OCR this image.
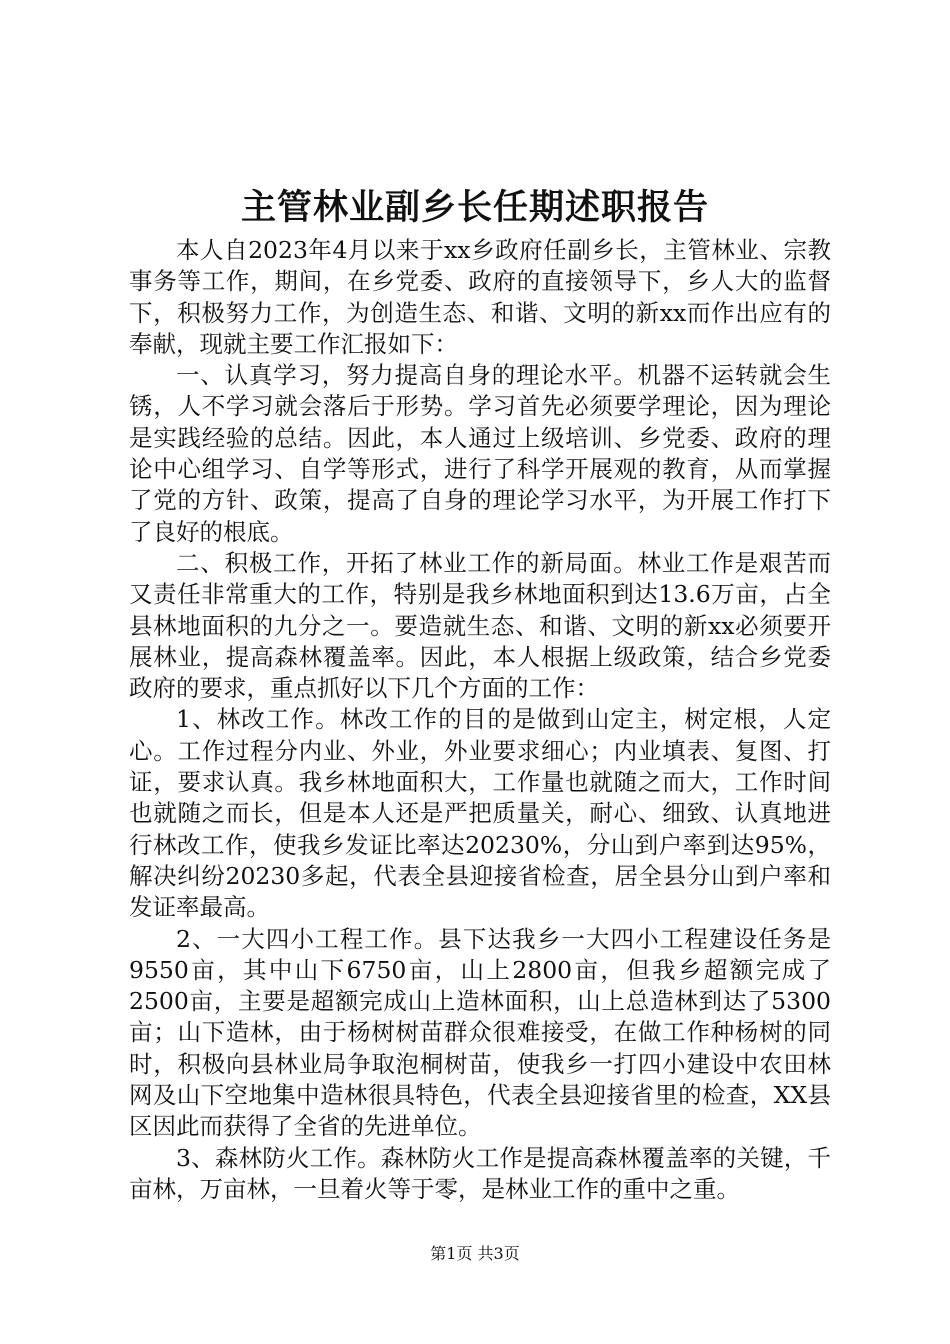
主管林业副乡长任期述职报告

本人自2023年4月以来于xx乡政府任副乡长，主管林业、宗教事务等工作，期间，在乡党委、政府的直接领导下，乡人大的监督下，积极努力工作，为创造生态、和谐、文明的新xx而作出应有的奉献，现就主要工作汇报如下：

一、认真学习，努力提高自身的理论水平。机器不运转就会生锈，人不学习就会落后于形势。学习首先必须要学理论，因为理论是实践经验的总结。因此，本人通过上级培训、乡党委、政府的理论中心组学习、自学等形式，进行了科学开展观的教育，从而掌握了党的方针、政策，提高了自身的理论学习水平，为开展工作打下了良好的根底。

二、积极工作，开拓了林业工作的新局面。林业工作是艰苦而又责任非常重大的工作，特别是我乡林地面积到达13.6万亩，占全县林地面积的九分之一。要造就生态、和谐、文明的新xx必须要开展林业，提高森林覆盖率。因此，本人根据上级政策，结合乡党委政府的要求，重点抓好以下几个方面的工作：

1、林改工作。林改工作的目的是做到山定主，树定根，人定心。工作过程分内业、外业，外业要求细心；内业填表、复图、打证，要求认真。我乡林地面积大，工作量也就随之而大，工作时间也就随之而长，但是本人还是严把质量关，耐心、细致、认真地进行林改工作，使我乡发证比率达20230%，分山到户率到达95%，解决纠纷20230多起，代表全县迎接省检查，居全县分山到户率和发证率最高。

2、一大四小工程工作。县下达我乡一大四小工程建设任务是9550亩，其中山下6750亩，山上2800亩，但我乡超额完成了2500亩，主要是超额完成山上造林面积，山上总造林到达了5300亩；山下造林，由于杨树树苗群众很难接受，在做工作种杨树的同时，积极向县林业局争取泡桐树苗，使我乡一打四小建设中农田林网及山下空地集中造林很具特色，代表全县迎接省里的检查，XX县区因此而获得了全省的先进单位。

3、森林防火工作。森林防火工作是提高森林覆盖率的关键，千亩林，万亩林，一旦着火等于零，是林业工作的重中之重。

第1页 共3页
